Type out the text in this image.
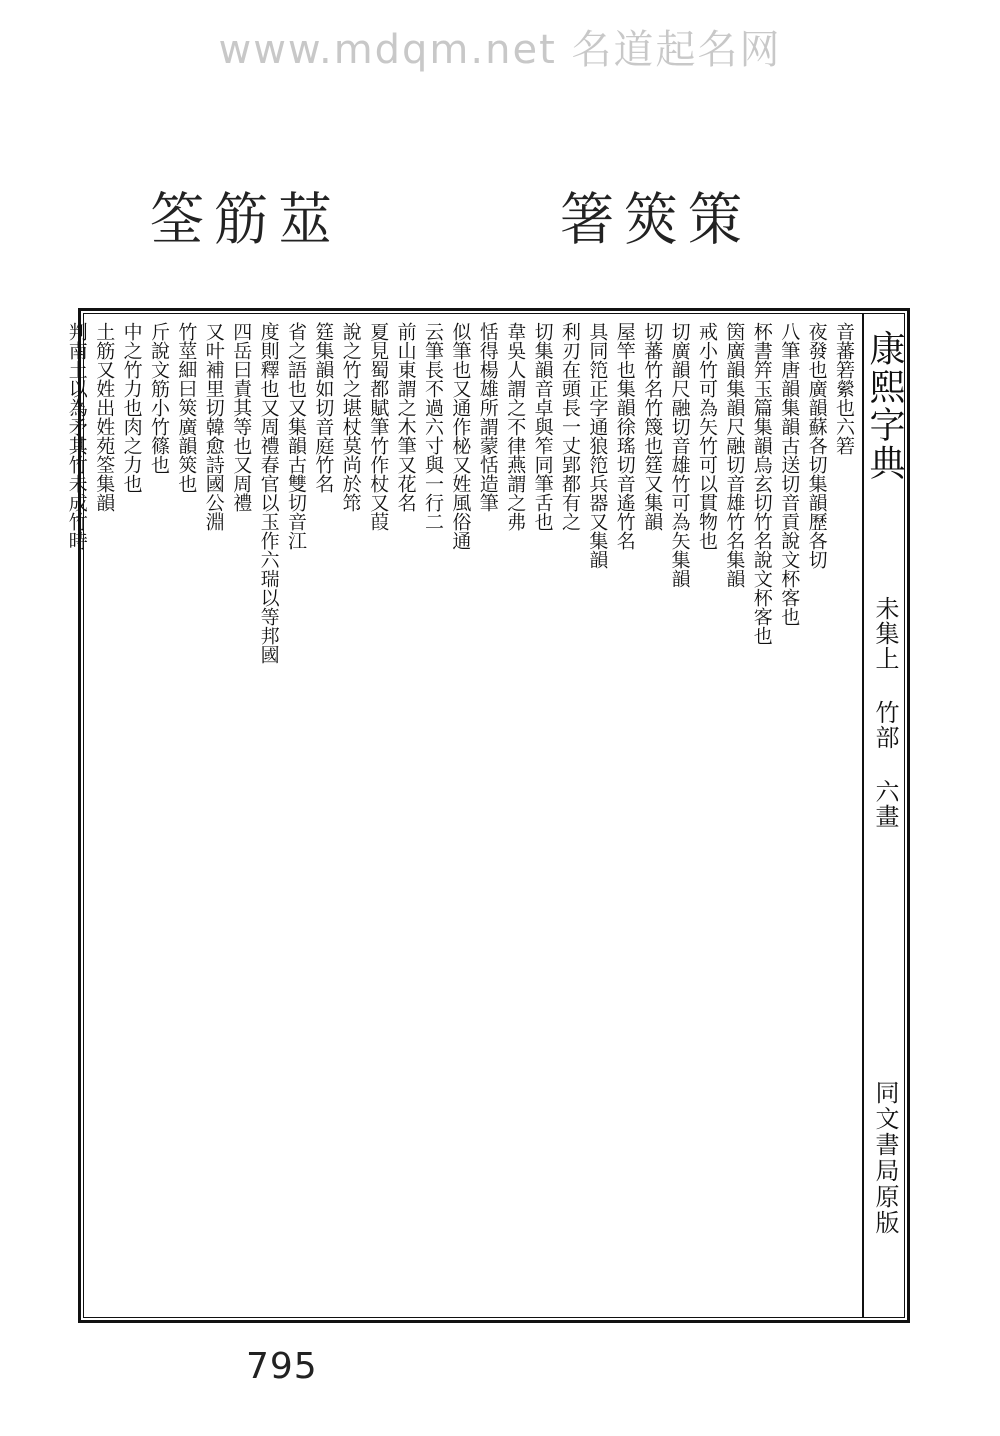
www.mdqm.net 名道起名网
箸 筴 策
筌 筋 莁
康熙字典
未集上 竹部 六畫
同文書局原版
音蕃箬縈也六箬
夜發也廣韻蘇各切集韻歷各切
八筆唐韻集韻古送切音貢說文杯客也
杯書筓玉篇集韻烏玄切竹名說文杯客也
筃廣韻集韻尺融切音雄竹名集韻
戒小竹可為矢竹可以貫物也
切廣韻尺融切音雄竹可為矢集韻
切蕃竹名竹篾也筳又集韻
屋竿也集韻徐瑤切音遙竹名
具同笵正字通狼笵兵器又集韻
利刃在頭長一丈郢都有之
切集韻音卓與笮同筆舌也
韋吳人謂之不律燕謂之弗
恬得楊雄所謂蒙恬造筆
似筆也又通作柲又姓風俗通
云筆長不過六寸與一行二
前山東謂之木筆又花名
夏見蜀都賦筆竹作杖又葭
說之竹之堪杖莫尚於筇
筳集韻如切音庭竹名
省之語也又集韻古雙切音江
度則釋也又周禮春官以玉作六瑞以等邦國
四岳曰責其等也又周禮
又叶補里切韓愈詩國公淵
竹莖細曰筴廣韻筴也
斤說文筋小竹篠也
中之竹力也肉之力也
土筋又姓出姓苑筌集韻
判南土以為矛其竹未成竹時
795
